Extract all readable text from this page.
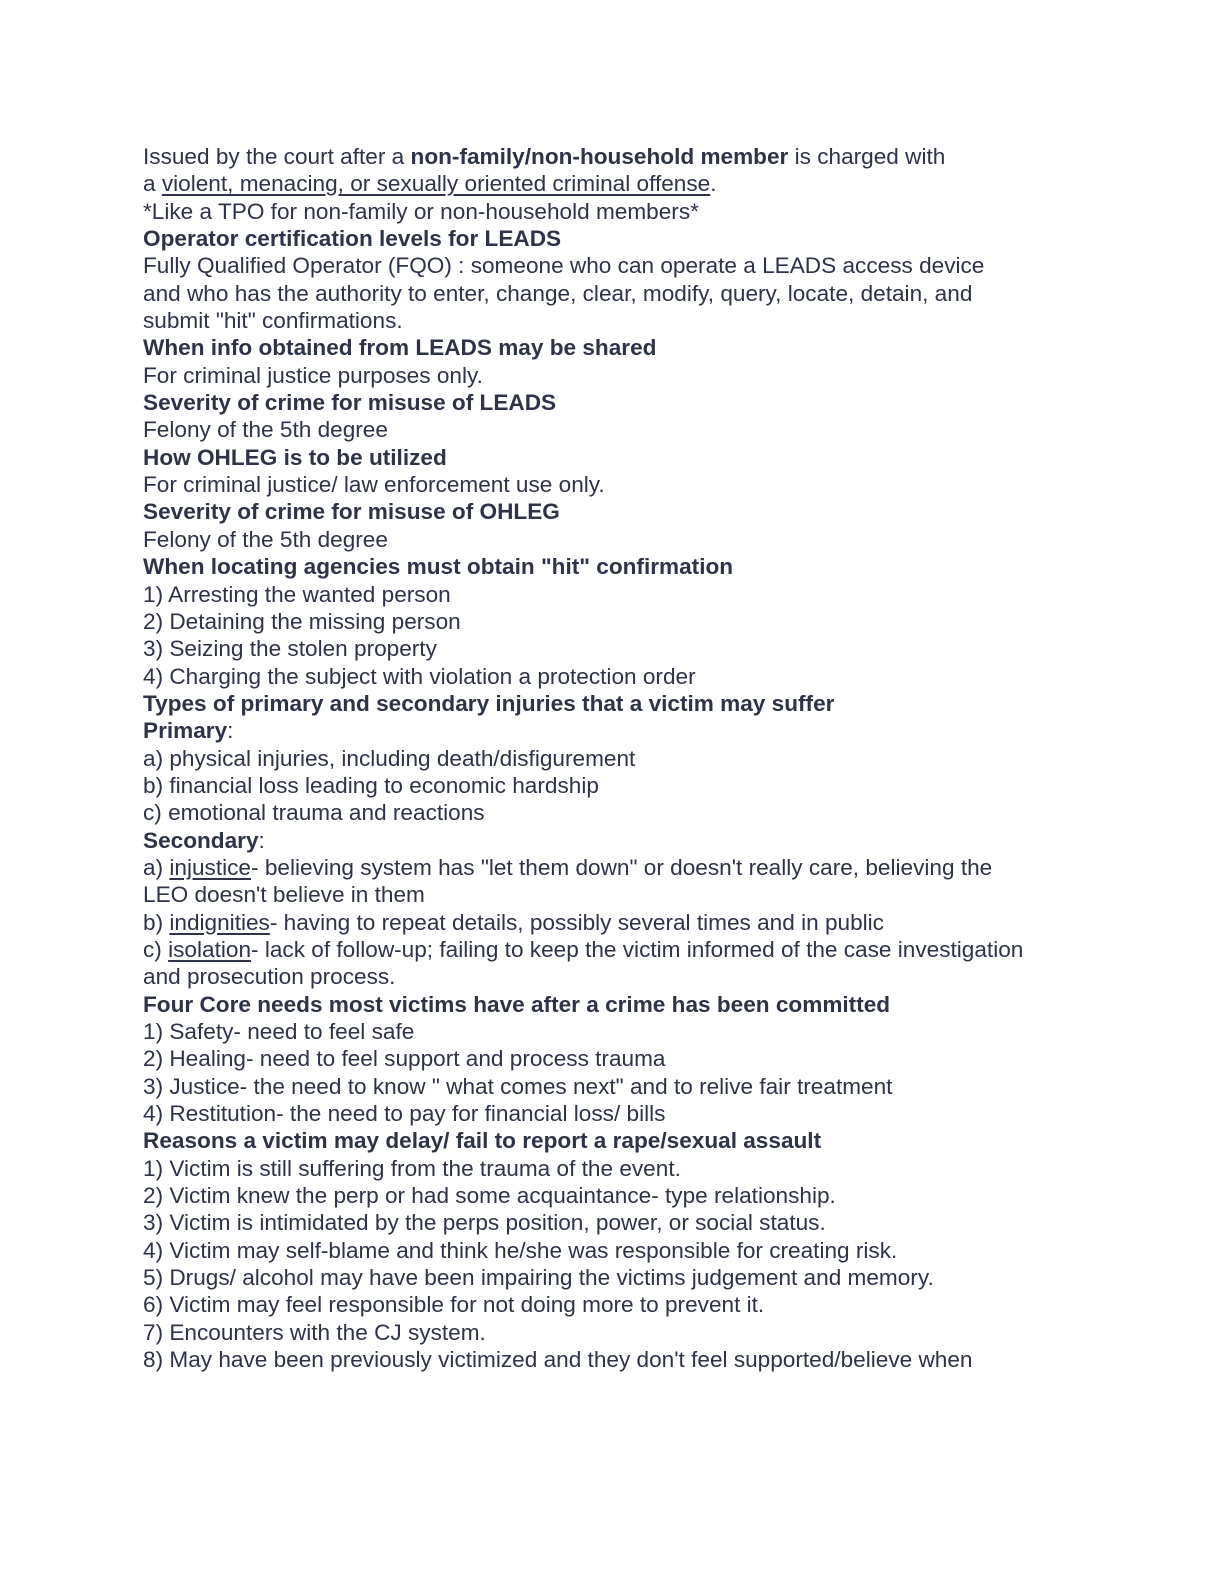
Issued by the court after a non-family/non-household member is charged with
a violent, menacing, or sexually oriented criminal offense.
*Like a TPO for non-family or non-household members*
Operator certification levels for LEADS
Fully Qualified Operator (FQO) : someone who can operate a LEADS access device
and who has the authority to enter, change, clear, modify, query, locate, detain, and
submit "hit" confirmations.
When info obtained from LEADS may be shared
For criminal justice purposes only.
Severity of crime for misuse of LEADS
Felony of the 5th degree
How OHLEG is to be utilized
For criminal justice/ law enforcement use only.
Severity of crime for misuse of OHLEG
Felony of the 5th degree
When locating agencies must obtain "hit" confirmation
1) Arresting the wanted person
2) Detaining the missing person
3) Seizing the stolen property
4) Charging the subject with violation a protection order
Types of primary and secondary injuries that a victim may suffer
Primary:
a) physical injuries, including death/disfigurement
b) financial loss leading to economic hardship
c) emotional trauma and reactions
Secondary:
a) injustice- believing system has "let them down" or doesn't really care, believing the
LEO doesn't believe in them
b) indignities- having to repeat details, possibly several times and in public
c) isolation- lack of follow-up; failing to keep the victim informed of the case investigation
and prosecution process.
Four Core needs most victims have after a crime has been committed
1) Safety- need to feel safe
2) Healing- need to feel support and process trauma
3) Justice- the need to know " what comes next" and to relive fair treatment
4) Restitution- the need to pay for financial loss/ bills
Reasons a victim may delay/ fail to report a rape/sexual assault
1) Victim is still suffering from the trauma of the event.
2) Victim knew the perp or had some acquaintance- type relationship.
3) Victim is intimidated by the perps position, power, or social status.
4) Victim may self-blame and think he/she was responsible for creating risk.
5) Drugs/ alcohol may have been impairing the victims judgement and memory.
6) Victim may feel responsible for not doing more to prevent it.
7) Encounters with the CJ system.
8) May have been previously victimized and they don't feel supported/believe when
